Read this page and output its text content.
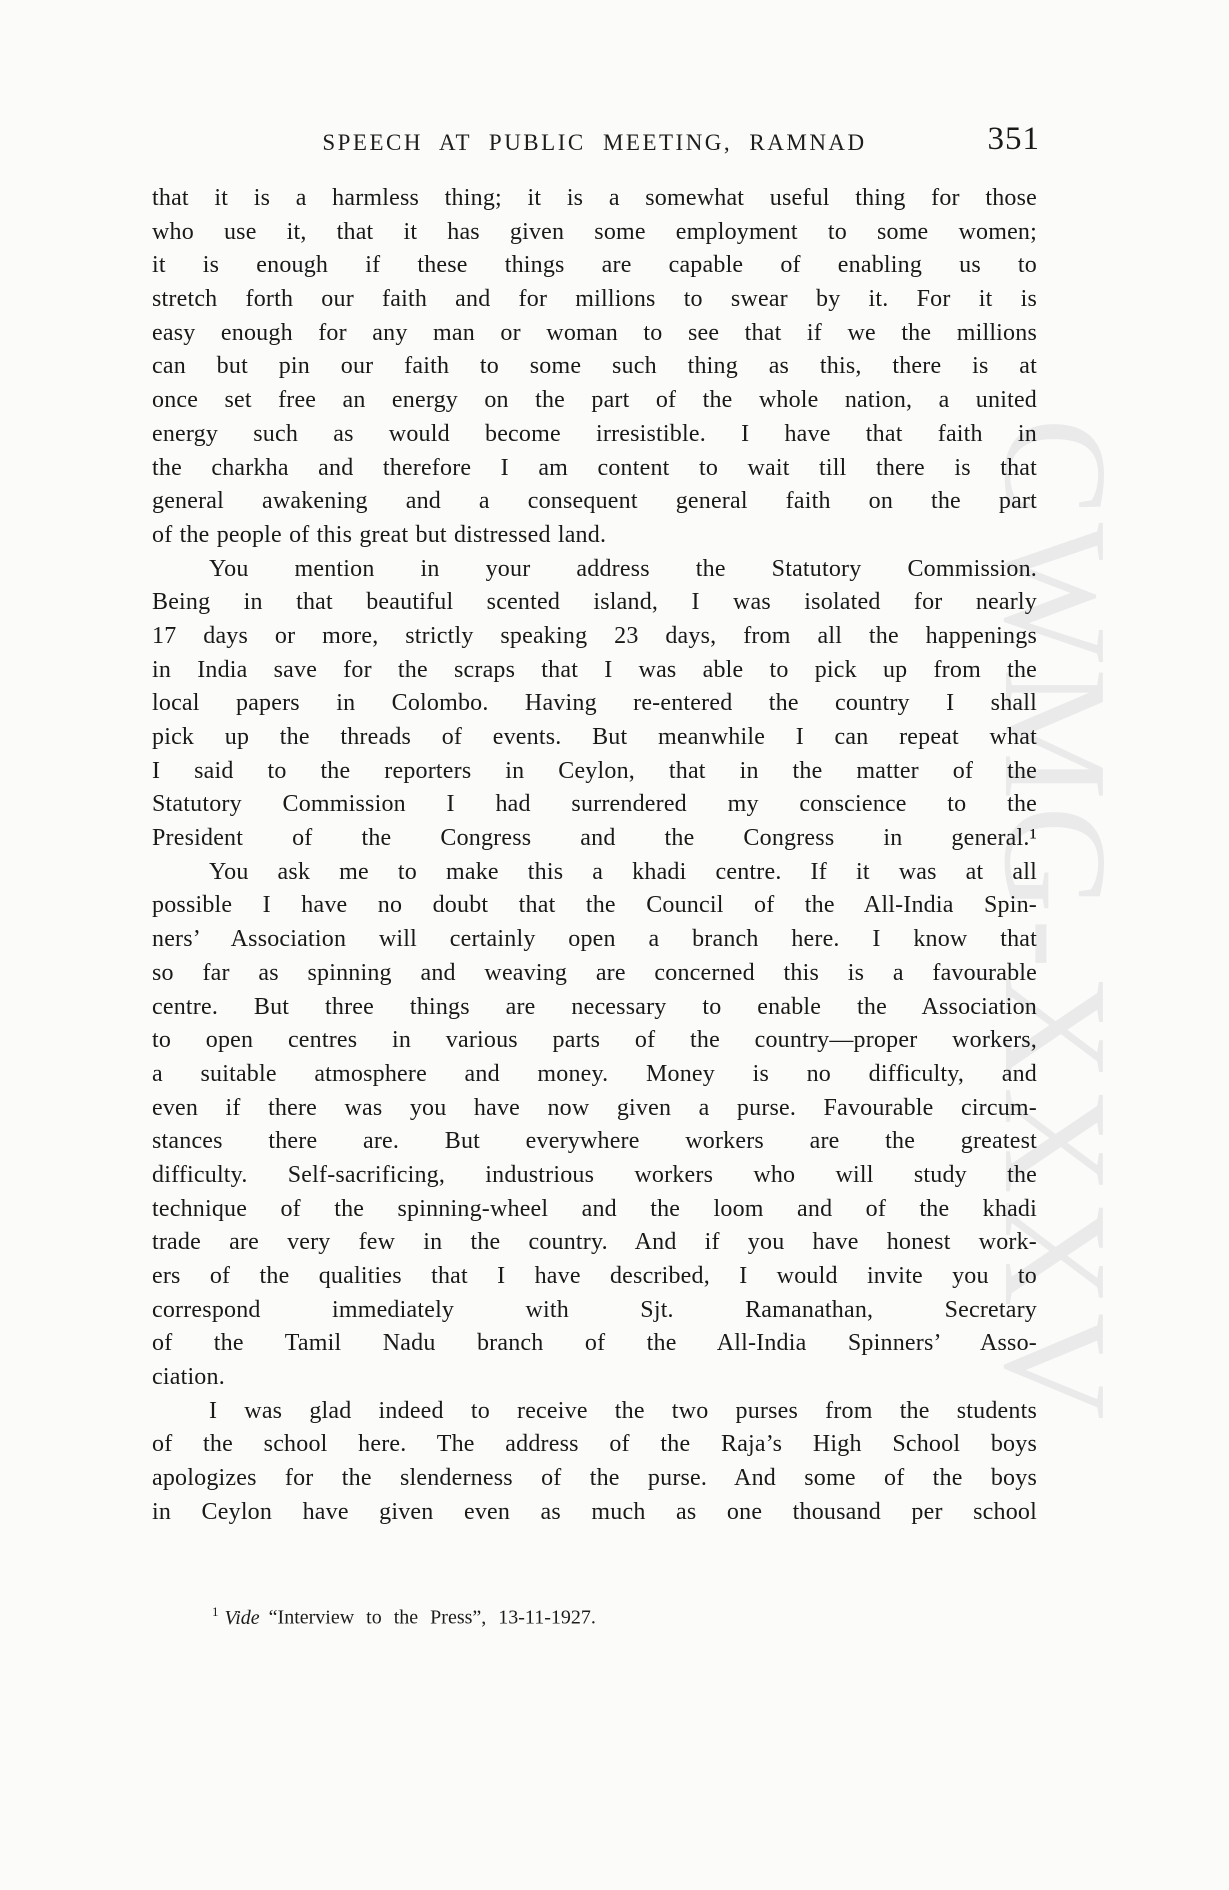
CWMG-XXXV
SPEECH AT PUBLIC MEETING, RAMNAD	351
that it is a harmless thing; it is a somewhat useful thing for those
who use it, that it has given some employment to some women;
it is enough if these things are capable of enabling us to
stretch forth our faith and for millions to swear by it. For it is
easy enough for any man or woman to see that if we the millions
can but pin our faith to some such thing as this, there is at
once set free an energy on the part of the whole nation, a united
energy such as would become irresistible. I have that faith in
the charkha and therefore I am content to wait till there is that
general awakening and a consequent general faith on the part
of the people of this great but distressed land.
You mention in your address the Statutory Commission.
Being in that beautiful scented island, I was isolated for nearly
17 days or more, strictly speaking 23 days, from all the happenings
in India save for the scraps that I was able to pick up from the
local papers in Colombo. Having re-entered the country I shall
pick up the threads of events. But meanwhile I can repeat what
I said to the reporters in Ceylon, that in the matter of the
Statutory Commission I had surrendered my conscience to the
President of the Congress and the Congress in general.¹
You ask me to make this a khadi centre. If it was at all
possible I have no doubt that the Council of the All-India Spin-
ners’ Association will certainly open a branch here. I know that
so far as spinning and weaving are concerned this is a favourable
centre. But three things are necessary to enable the Association
to open centres in various parts of the country—proper workers,
a suitable atmosphere and money. Money is no difficulty, and
even if there was you have now given a purse. Favourable circum-
stances there are. But everywhere workers are the greatest
difficulty. Self-sacrificing, industrious workers who will study the
technique of the spinning-wheel and the loom and of the khadi
trade are very few in the country. And if you have honest work-
ers of the qualities that I have described, I would invite you to
correspond immediately with Sjt. Ramanathan, Secretary
of the Tamil Nadu branch of the All-India Spinners’ Asso-
ciation.
I was glad indeed to receive the two purses from the students
of the school here. The address of the Raja’s High School boys
apologizes for the slenderness of the purse. And some of the boys
in Ceylon have given even as much as one thousand per school
$^1$ Vide “Interview to the Press”, 13-11-1927.
